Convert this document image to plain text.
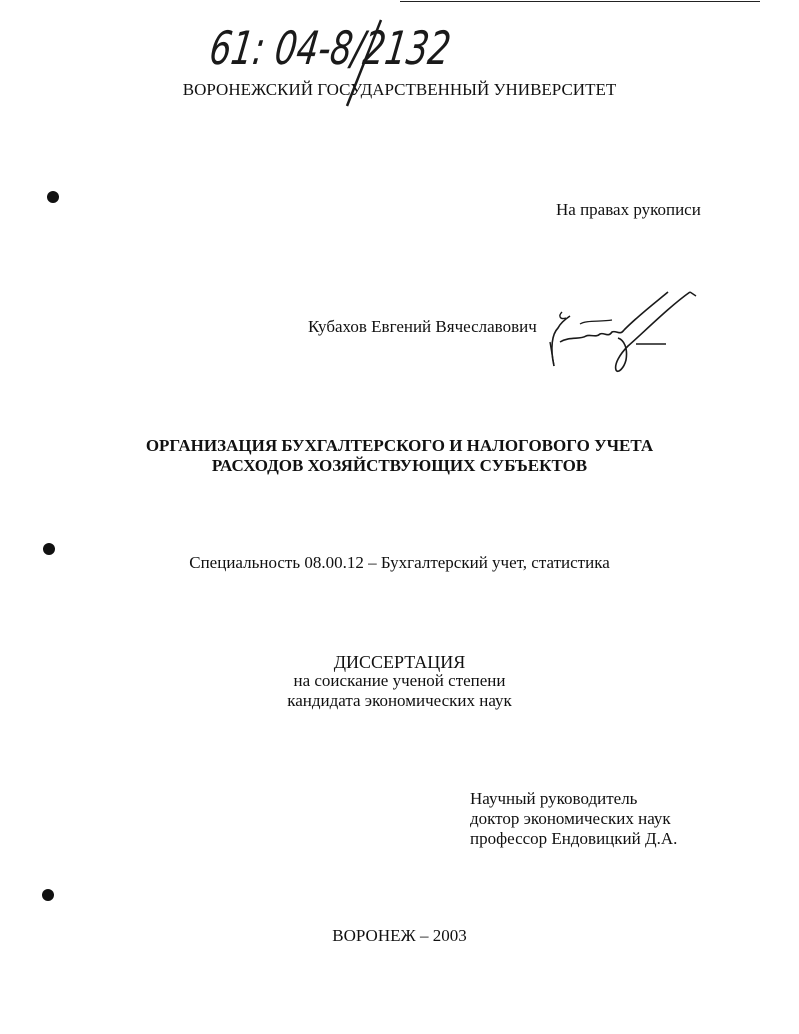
61: 04-8/2132
ВОРОНЕЖСКИЙ ГОСУДАРСТВЕННЫЙ УНИВЕРСИТЕТ
На правах рукописи
Кубахов Евгений Вячеславович
ОРГАНИЗАЦИЯ БУХГАЛТЕРСКОГО И НАЛОГОВОГО УЧЕТА
РАСХОДОВ ХОЗЯЙСТВУЮЩИХ СУБЪЕКТОВ
Специальность 08.00.12 – Бухгалтерский учет, статистика
ДИССЕРТАЦИЯ
на соискание ученой степени
кандидата экономических наук
Научный руководитель
доктор экономических наук
профессор Ендовицкий Д.А.
ВОРОНЕЖ – 2003
